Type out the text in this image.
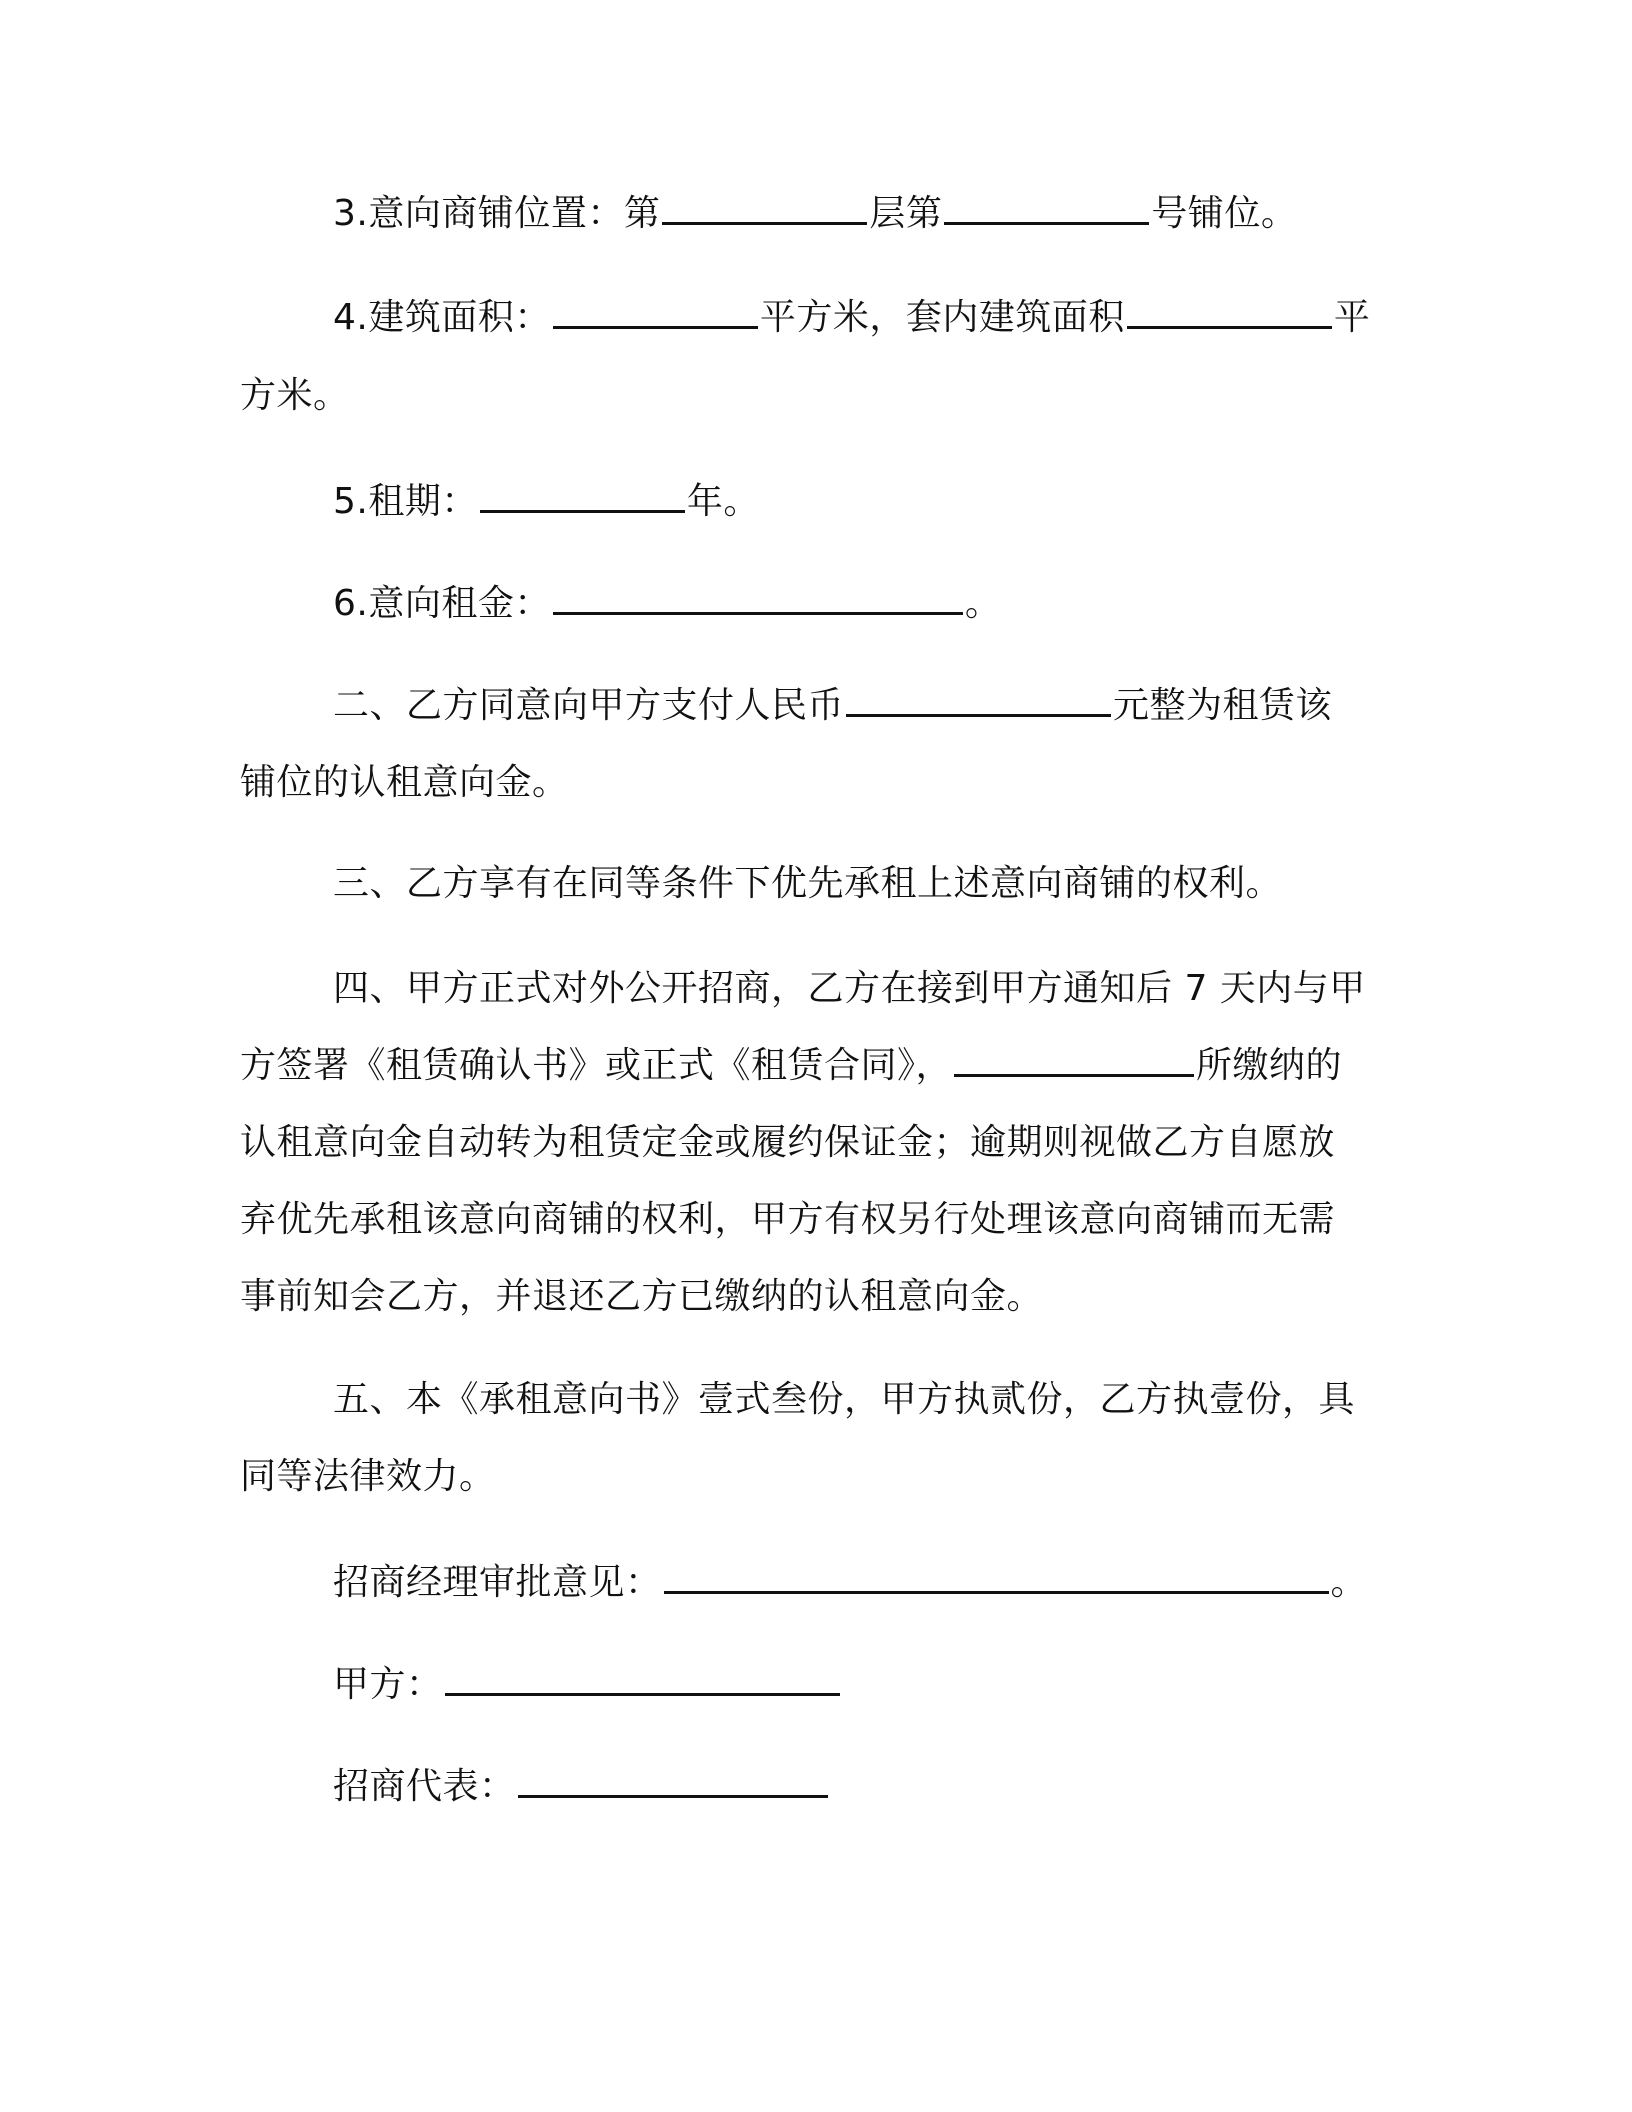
3.意向商铺位置：第	层第	号铺位。
4.建筑面积：	平方米，套内建筑面积	平
方米。
5.租期：	年。
6.意向租金：	。
二、乙方同意向甲方支付人民币	元整为租赁该
铺位的认租意向金。
三、乙方享有在同等条件下优先承租上述意向商铺的权利。
四、甲方正式对外公开招商，乙方在接到甲方通知后 7 天内与甲
方签署《租赁确认书》或正式《租赁合同》，	所缴纳的
认租意向金自动转为租赁定金或履约保证金；逾期则视做乙方自愿放
弃优先承租该意向商铺的权利，甲方有权另行处理该意向商铺而无需
事前知会乙方，并退还乙方已缴纳的认租意向金。
五、本《承租意向书》壹式叁份，甲方执贰份，乙方执壹份，具
同等法律效力。
招商经理审批意见：	。
甲方：
招商代表：
